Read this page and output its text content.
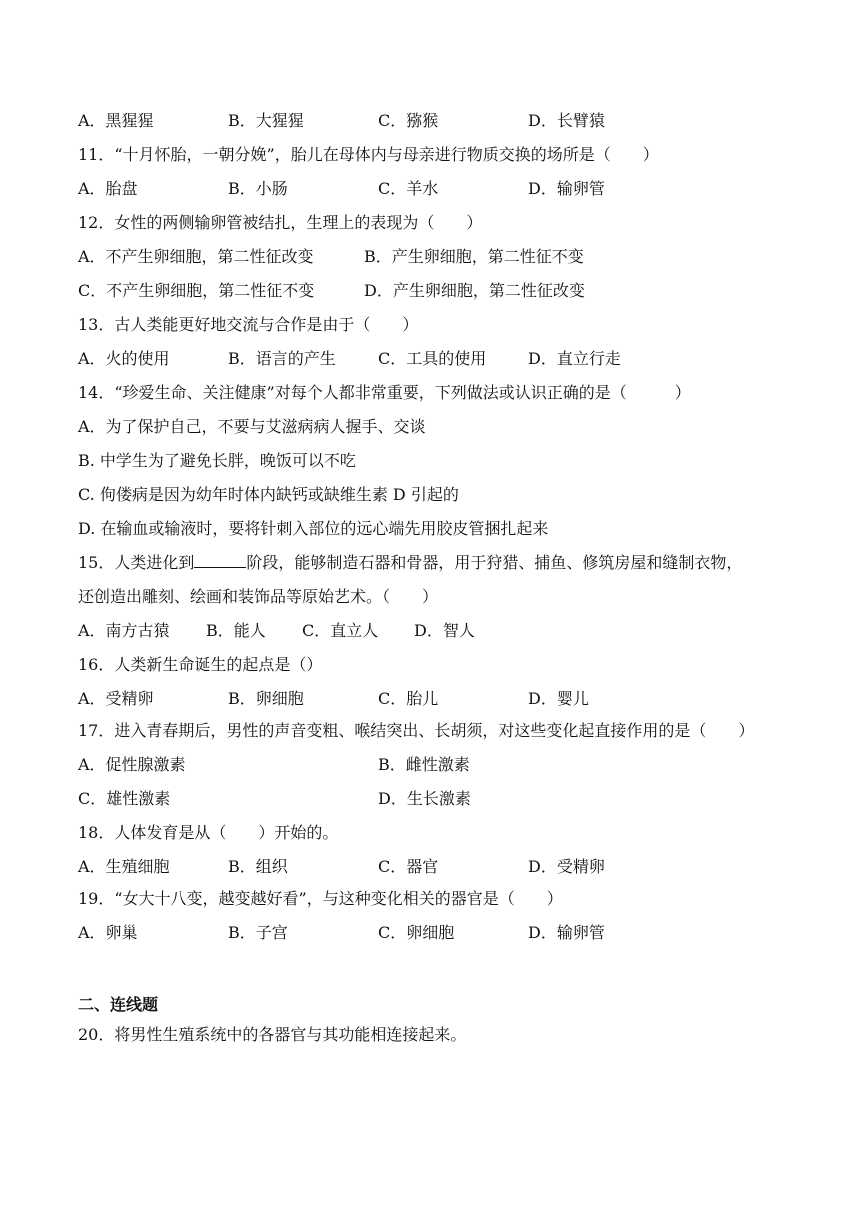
A．黑猩猩	B．大猩猩	C．猕猴	D．长臂猿
11．“十月怀胎，一朝分娩”，胎儿在母体内与母亲进行物质交换的场所是（　　）
A．胎盘	B．小肠	C．羊水	D．输卵管
12．女性的两侧输卵管被结扎，生理上的表现为（　　）
A．不产生卵细胞，第二性征改变	B．产生卵细胞，第二性征不变
C．不产生卵细胞，第二性征不变	D．产生卵细胞，第二性征改变
13．古人类能更好地交流与合作是由于（　　）
A．火的使用	B．语言的产生	C．工具的使用	D．直立行走
14．“珍爱生命、关注健康”对每个人都非常重要，下列做法或认识正确的是（　　　）
A．为了保护自己，不要与艾滋病病人握手、交谈
B. 中学生为了避免长胖，晚饭可以不吃
C. 佝偻病是因为幼年时体内缺钙或缺维生素 D 引起的
D. 在输血或输液时，要将针刺入部位的远心端先用胶皮管捆扎起来
15．人类进化到	阶段，能够制造石器和骨器，用于狩猎、捕鱼、修筑房屋和缝制衣物，
还创造出雕刻、绘画和装饰品等原始艺术。（　　）
A．南方古猿 B．能人 C．直立人 D．智人
16．人类新生命诞生的起点是（）
A．受精卵	B．卵细胞	C．胎儿	D．婴儿
17．进入青春期后，男性的声音变粗、喉结突出、长胡须，对这些变化起直接作用的是（　　）
A．促性腺激素	B．雌性激素
C．雄性激素	D．生长激素
18．人体发育是从（　　）开始的。
A．生殖细胞	B．组织	C．器官	D．受精卵
19．“女大十八变，越变越好看”，与这种变化相关的器官是（　　）
A．卵巢	B．子宫	C．卵细胞	D．输卵管
二、连线题
20．将男性生殖系统中的各器官与其功能相连接起来。
